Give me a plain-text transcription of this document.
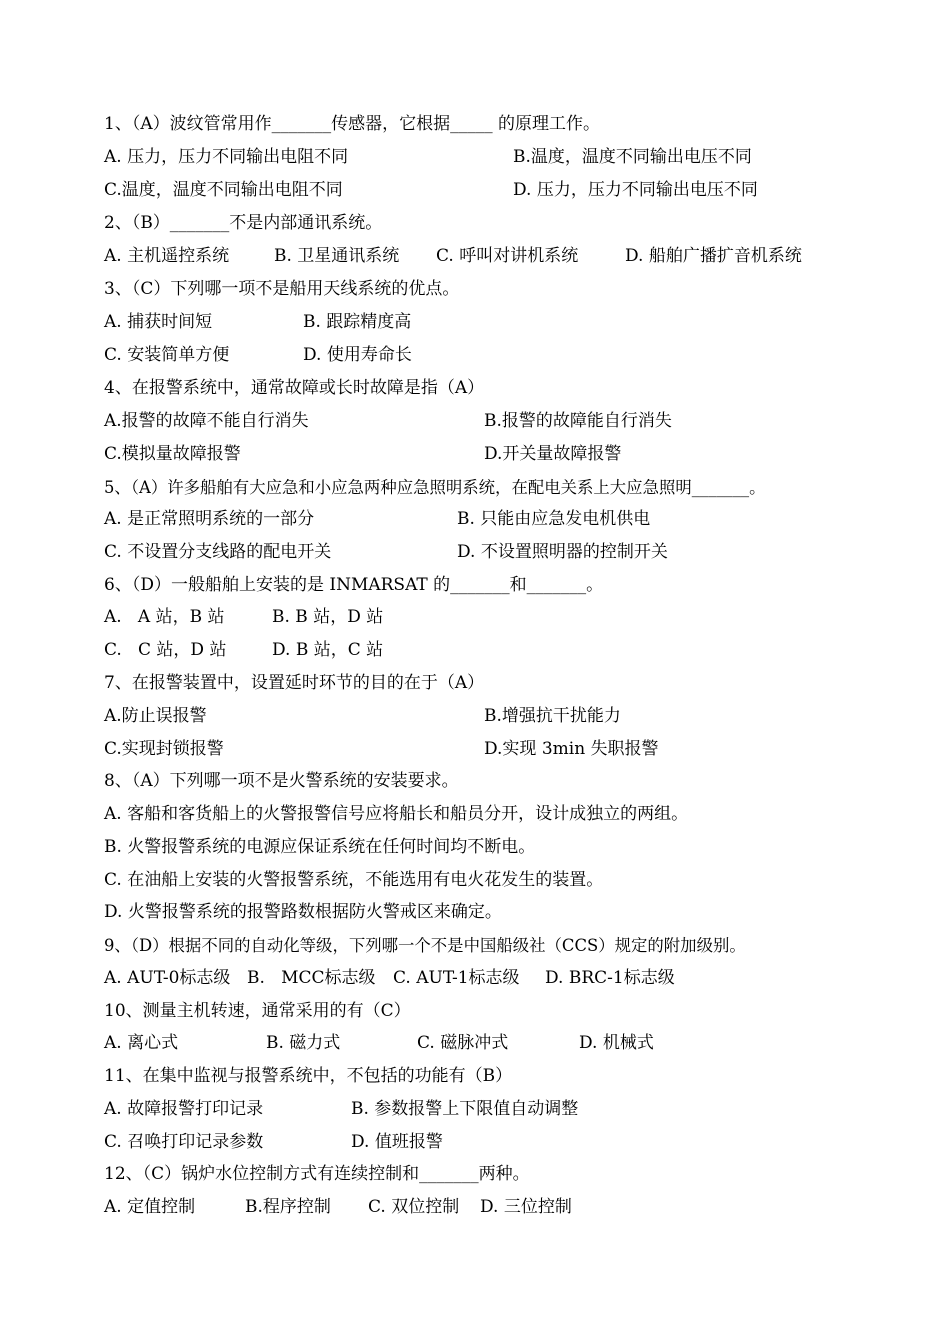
1、（A）波纹管常用作_______传感器，它根据_____ 的原理工作。
A. 压力，压力不同输出电阻不同	B.温度，温度不同输出电压不同
C.温度，温度不同输出电阻不同	D. 压力，压力不同输出电压不同
2、（B）_______不是内部通讯系统。
A. 主机遥控系统	B. 卫星通讯系统 C. 呼叫对讲机系统	D. 船舶广播扩音机系统
3、（C）下列哪一项不是船用天线系统的优点。
A. 捕获时间短	B. 跟踪精度高
C. 安装简单方便	D. 使用寿命长
4、在报警系统中，通常故障或长时故障是指（A）
A.报警的故障不能自行消失	B.报警的故障能自行消失
C.模拟量故障报警	D.开关量故障报警
5、（A）许多船舶有大应急和小应急两种应急照明系统，在配电关系上大应急照明_______。
A. 是正常照明系统的一部分	B. 只能由应急发电机供电
C. 不设置分支线路的配电开关	D. 不设置照明器的控制开关
6、（D）一般船舶上安装的是 INMARSAT 的_______和_______。
A.   A 站，B 站	B. B 站，D 站
C.   C 站，D 站	D. B 站，C 站
7、在报警装置中，设置延时环节的目的在于（A）
A.防止误报警	B.增强抗干扰能力
C.实现封锁报警	D.实现 3min 失职报警
8、（A）下列哪一项不是火警系统的安装要求。
A. 客船和客货船上的火警报警信号应将船长和船员分开，设计成独立的两组。
B. 火警报警系统的电源应保证系统在任何时间均不断电。
C. 在油船上安装的火警报警系统，不能选用有电火花发生的装置。
D. 火警报警系统的报警路数根据防火警戒区来确定。
9、（D）根据不同的自动化等级，下列哪一个不是中国船级社（CCS）规定的附加级别。
A. AUT-0标志级 B.   MCC标志级 C. AUT-1标志级 D. BRC-1标志级
10、测量主机转速，通常采用的有（C）
A. 离心式	B. 磁力式	C. 磁脉冲式	D. 机械式
11、在集中监视与报警系统中，不包括的功能有（B）
A. 故障报警打印记录	B. 参数报警上下限值自动调整
C. 召唤打印记录参数	D. 值班报警
12、（C）锅炉水位控制方式有连续控制和_______两种。
A. 定值控制	B.程序控制 C. 双位控制 D. 三位控制
